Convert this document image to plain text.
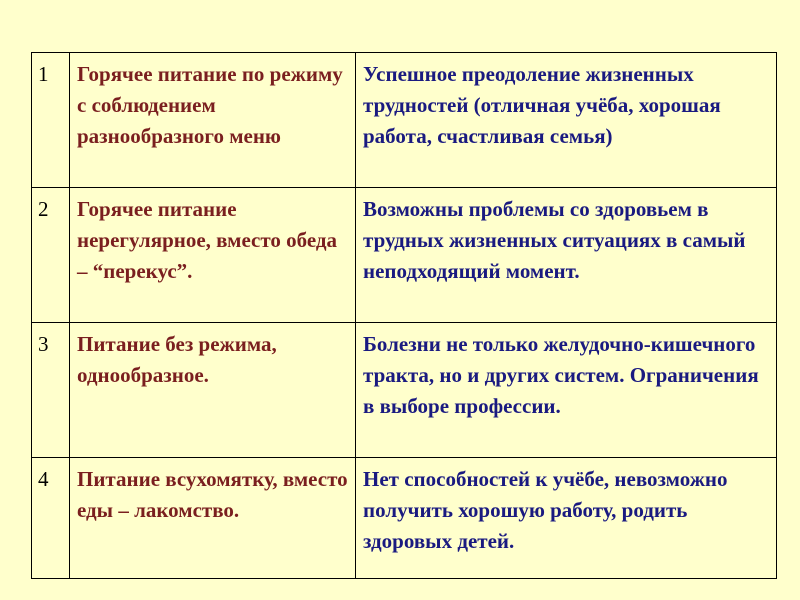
1	Горячее питание по режиму с соблюдением разнообразного меню	Успешное преодоление жизненных трудностей (отличная учёба, хорошая работа, счастливая семья)

2	Горячее питание нерегулярное, вместо обеда – “перекус”.	Возможны проблемы со здоровьем в трудных жизненных ситуациях в самый неподходящий момент.

3	Питание без режима, однообразное.	Болезни не только желудочно-кишечного тракта, но и других систем. Ограничения в выборе профессии.

4	Питание всухомятку, вместо еды – лакомство.	Нет способностей к учёбе, невозможно получить хорошую работу, родить здоровых детей.
